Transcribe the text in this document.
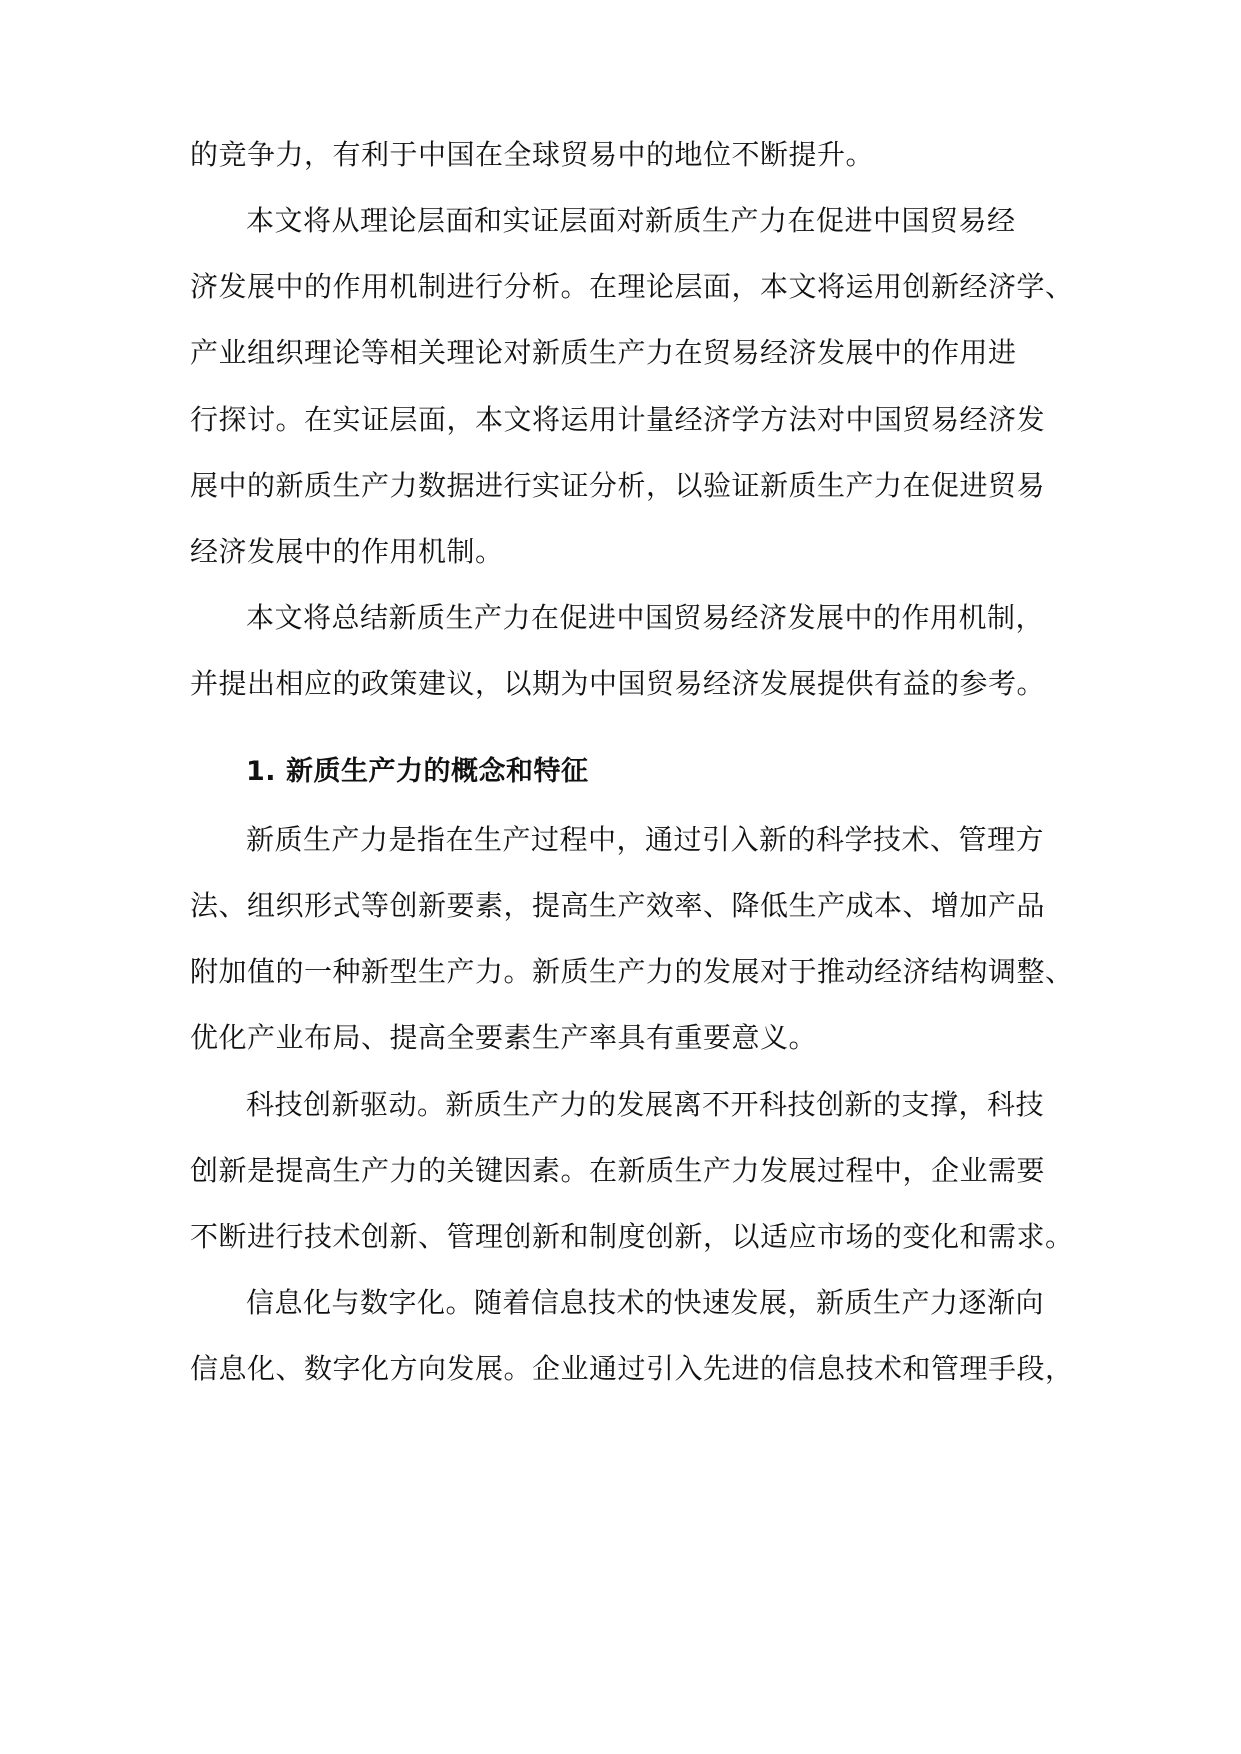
的竞争力，有利于中国在全球贸易中的地位不断提升。
本文将从理论层面和实证层面对新质生产力在促进中国贸易经
济发展中的作用机制进行分析。在理论层面，本文将运用创新经济学、
产业组织理论等相关理论对新质生产力在贸易经济发展中的作用进
行探讨。在实证层面，本文将运用计量经济学方法对中国贸易经济发
展中的新质生产力数据进行实证分析，以验证新质生产力在促进贸易
经济发展中的作用机制。
本文将总结新质生产力在促进中国贸易经济发展中的作用机制，
并提出相应的政策建议，以期为中国贸易经济发展提供有益的参考。
1. 新质生产力的概念和特征
新质生产力是指在生产过程中，通过引入新的科学技术、管理方
法、组织形式等创新要素，提高生产效率、降低生产成本、增加产品
附加值的一种新型生产力。新质生产力的发展对于推动经济结构调整、
优化产业布局、提高全要素生产率具有重要意义。
科技创新驱动。新质生产力的发展离不开科技创新的支撑，科技
创新是提高生产力的关键因素。在新质生产力发展过程中，企业需要
不断进行技术创新、管理创新和制度创新，以适应市场的变化和需求。
信息化与数字化。随着信息技术的快速发展，新质生产力逐渐向
信息化、数字化方向发展。企业通过引入先进的信息技术和管理手段，
